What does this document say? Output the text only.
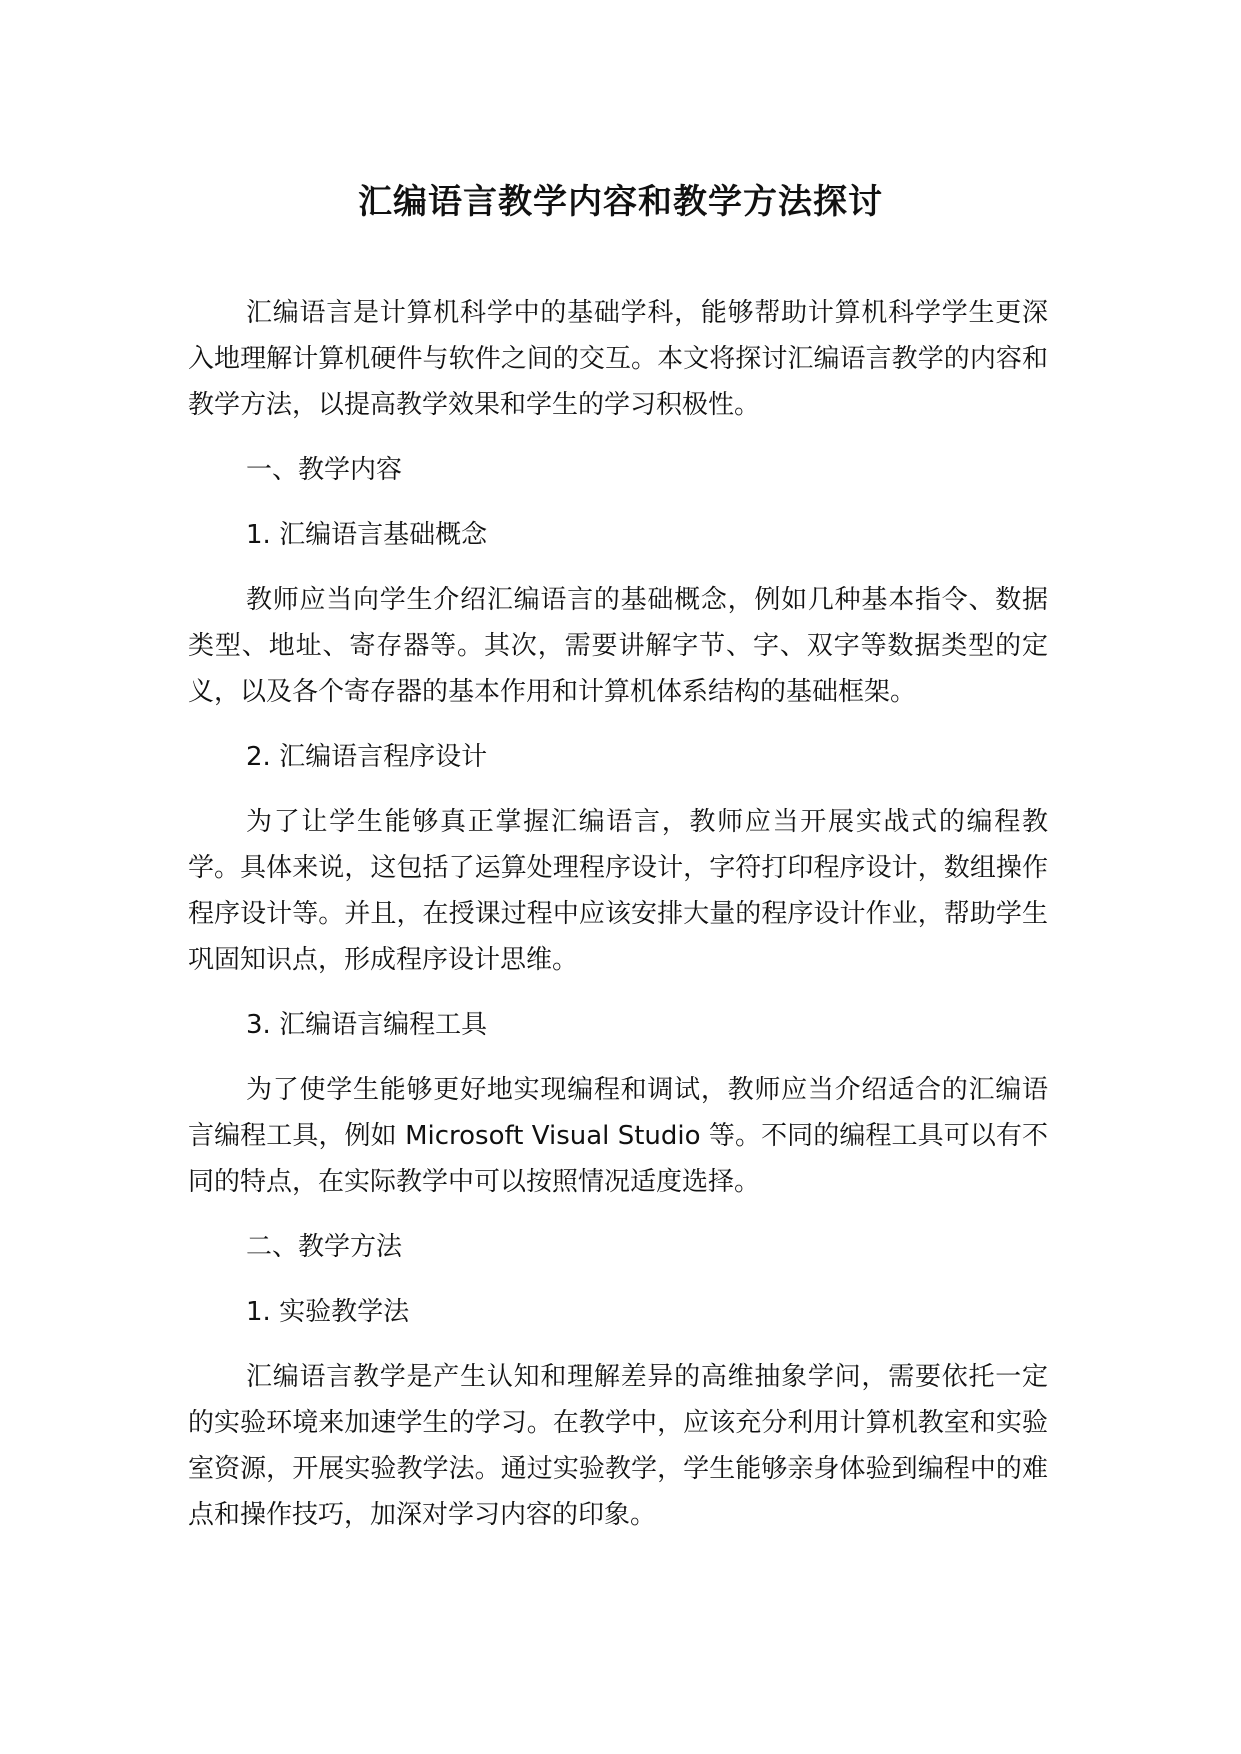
汇编语言教学内容和教学方法探讨

汇编语言是计算机科学中的基础学科，能够帮助计算机科学学生更深入地理解计算机硬件与软件之间的交互。本文将探讨汇编语言教学的内容和教学方法，以提高教学效果和学生的学习积极性。

一、教学内容

1. 汇编语言基础概念

教师应当向学生介绍汇编语言的基础概念，例如几种基本指令、数据类型、地址、寄存器等。其次，需要讲解字节、字、双字等数据类型的定义，以及各个寄存器的基本作用和计算机体系结构的基础框架。

2. 汇编语言程序设计

为了让学生能够真正掌握汇编语言，教师应当开展实战式的编程教学。具体来说，这包括了运算处理程序设计，字符打印程序设计，数组操作程序设计等。并且，在授课过程中应该安排大量的程序设计作业，帮助学生巩固知识点，形成程序设计思维。

3. 汇编语言编程工具

为了使学生能够更好地实现编程和调试，教师应当介绍适合的汇编语言编程工具，例如 Microsoft Visual Studio 等。不同的编程工具可以有不同的特点，在实际教学中可以按照情况适度选择。

二、教学方法

1. 实验教学法

汇编语言教学是产生认知和理解差异的高维抽象学问，需要依托一定的实验环境来加速学生的学习。在教学中，应该充分利用计算机教室和实验室资源，开展实验教学法。通过实验教学，学生能够亲身体验到编程中的难点和操作技巧，加深对学习内容的印象。
